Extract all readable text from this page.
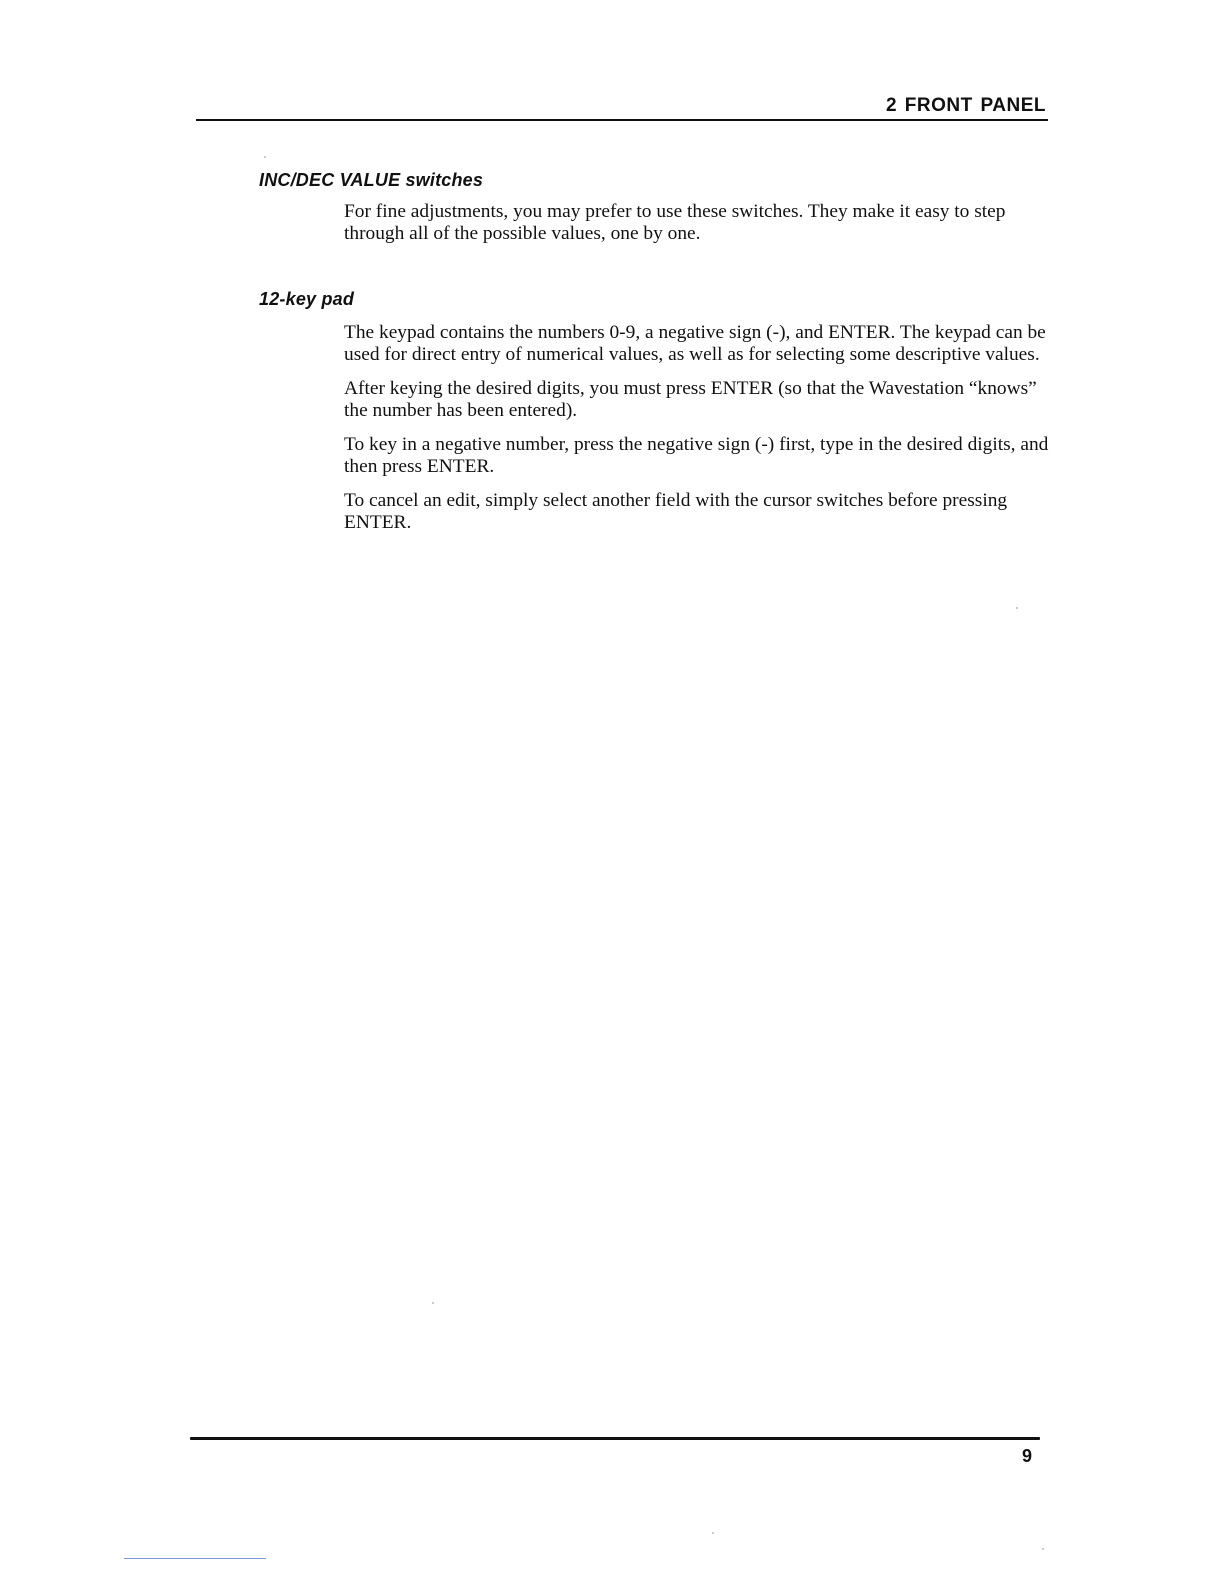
2 FRONT PANEL
INC/DEC VALUE switches

For fine adjustments, you may prefer to use these switches. They make it easy to step through all of the possible values, one by one.

12-key pad

The keypad contains the numbers 0-9, a negative sign (-), and ENTER. The keypad can be used for direct entry of numerical values, as well as for selecting some descriptive values.

After keying the desired digits, you must press ENTER (so that the Wavestation “knows” the number has been entered).

To key in a negative number, press the negative sign (-) first, type in the desired digits, and then press ENTER.

To cancel an edit, simply select another field with the cursor switches before pressing ENTER.

9
